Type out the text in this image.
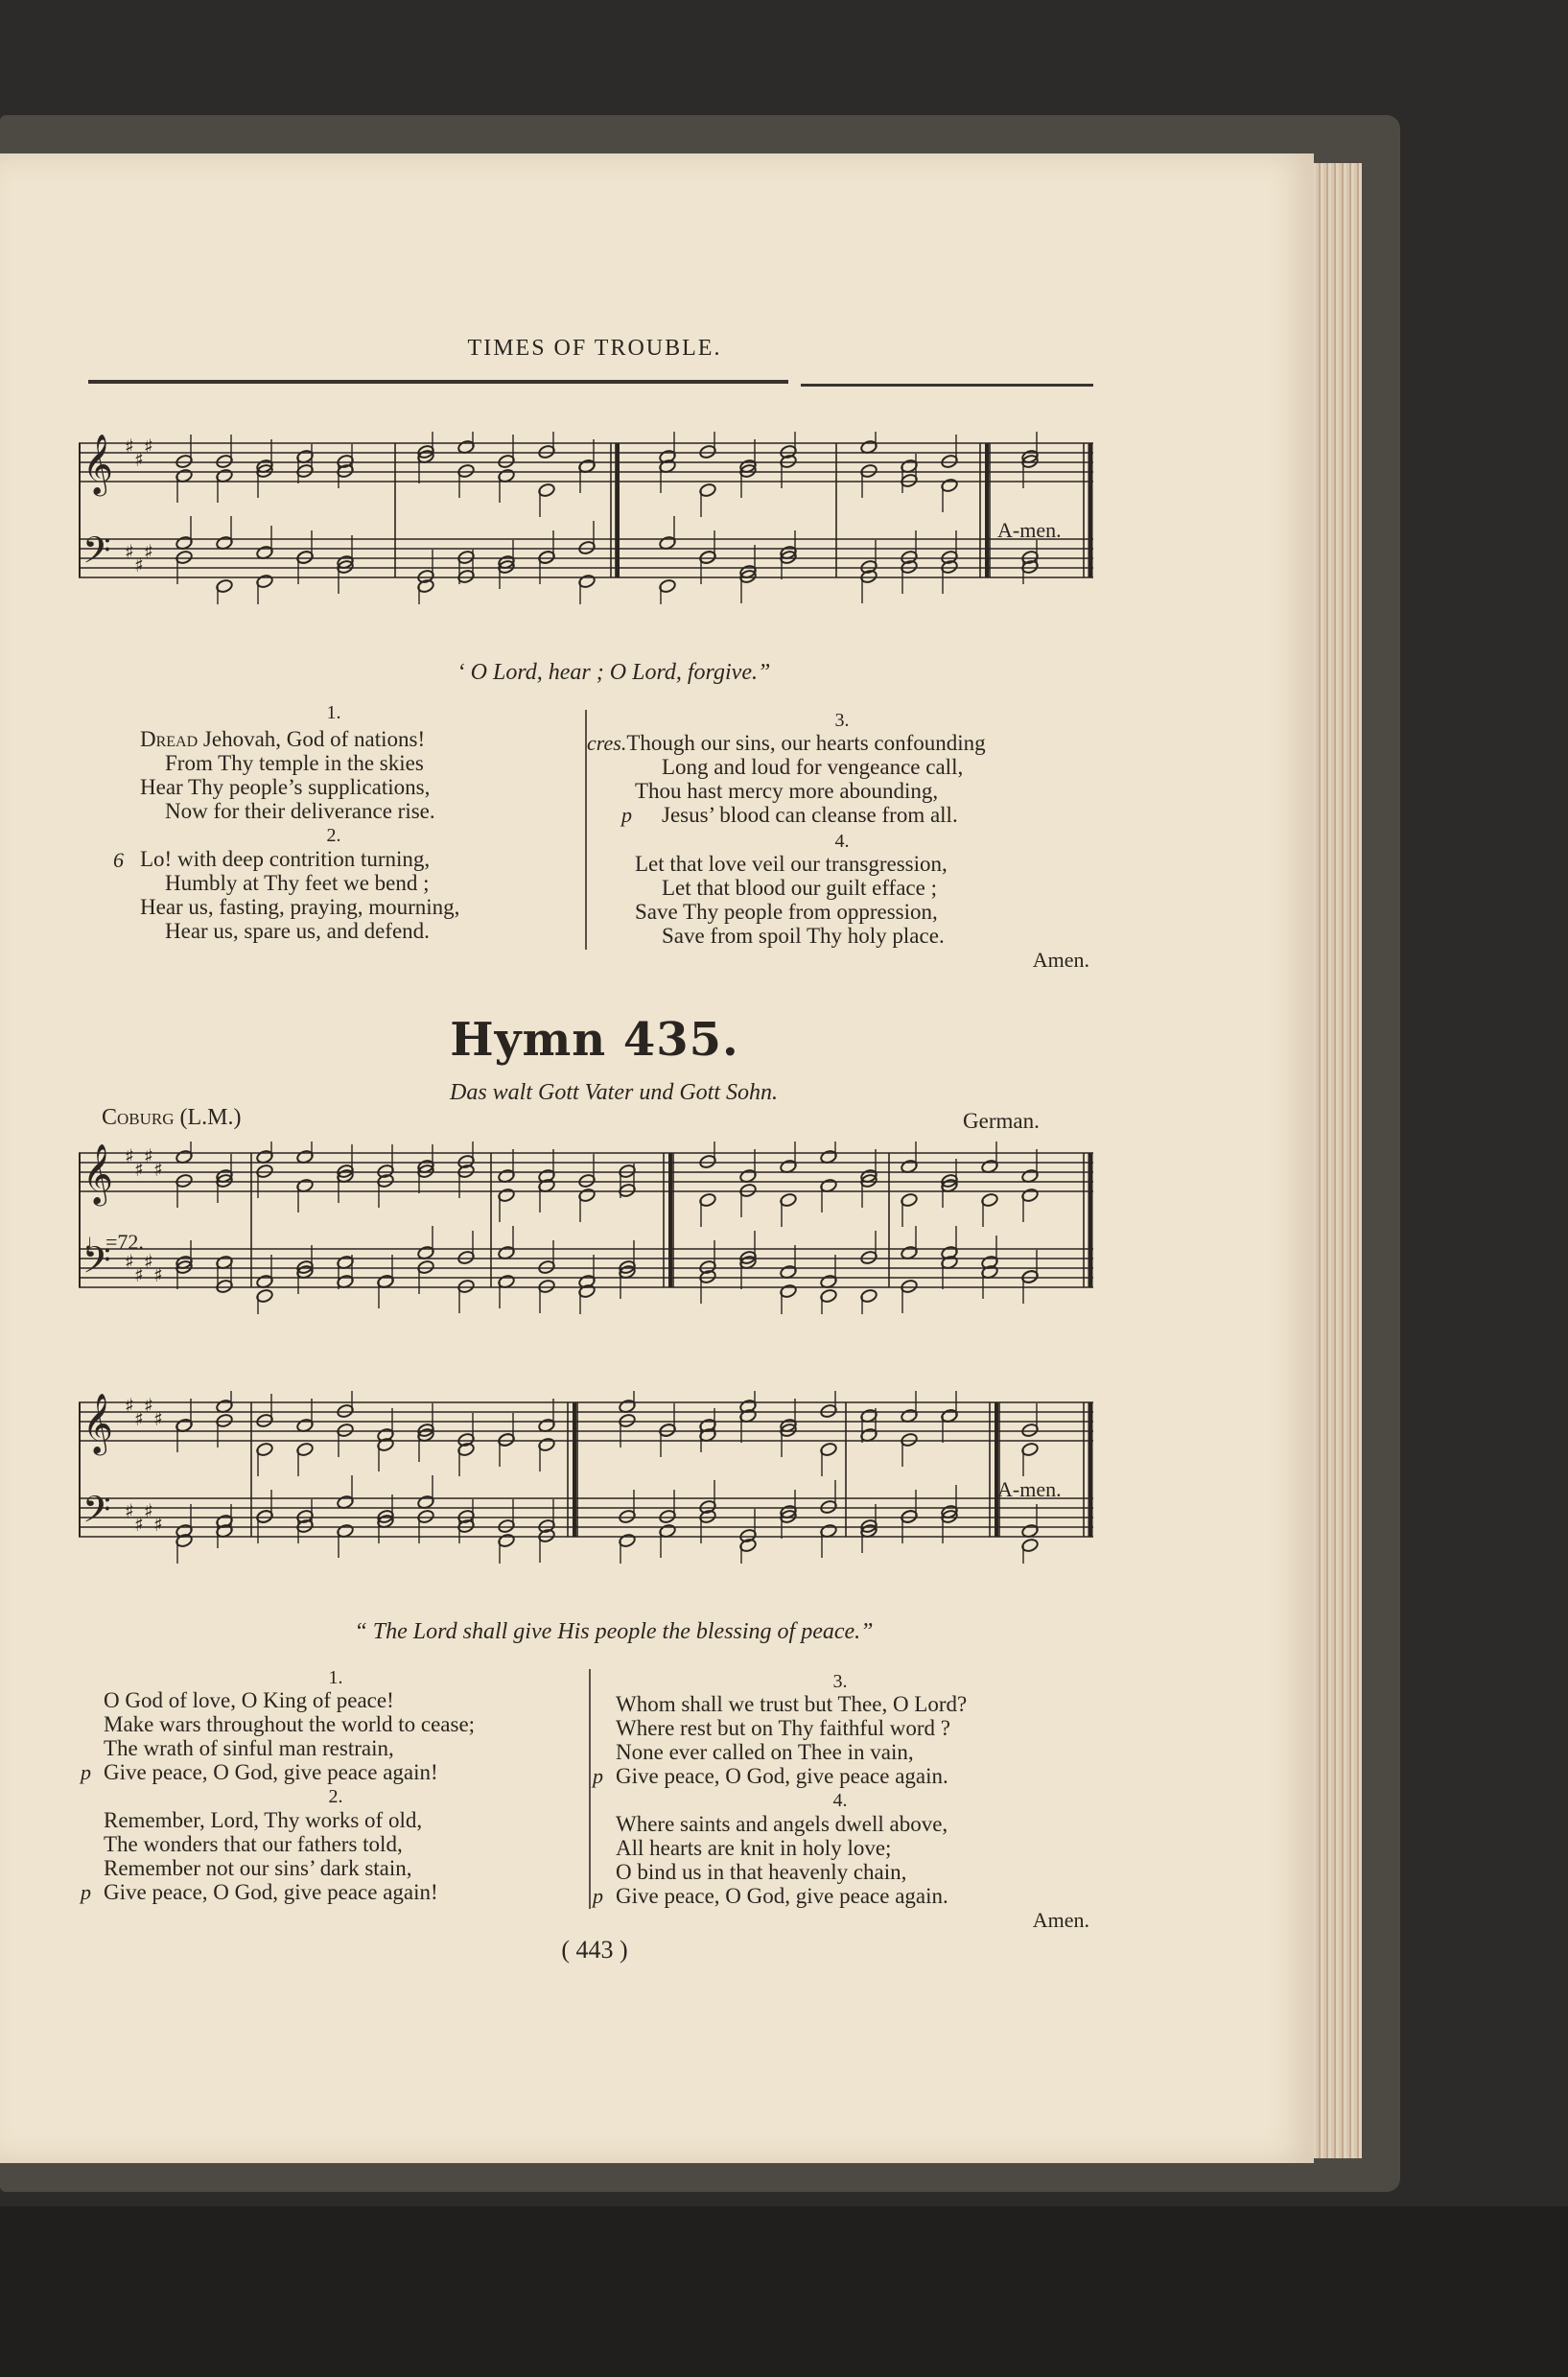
TIMES OF TROUBLE.
𝄞
𝄢
♯
♯
♯
♯
♯
♯
A-men.
‘ O Lord, hear ; O Lord, forgive.”
1.
Dread Jehovah, God of nations!
From Thy temple in the skies
Hear Thy people’s supplications,
Now for their deliverance rise.
2.
6 Lo! with deep contrition turning,
Humbly at Thy feet we bend ;
Hear us, fasting, praying, mourning,
Hear us, spare us, and defend.
3.
cres.Though our sins, our hearts confounding
Long and loud for vengeance call,
Thou hast mercy more abounding,
p Jesus’ blood can cleanse from all.
4.
Let that love veil our transgression,
Let that blood our guilt efface ;
Save Thy people from oppression,
Save from spoil Thy holy place.
Amen.
Hymn 435.
Das walt Gott Vater und Gott Sohn.
Coburg (L.M.)	German.
𝄞
𝄢
♯
♯
♯
♯
♯
♯
♯
♯
♩=72.
𝄞
𝄢
♯
♯
♯
♯
♯
♯
♯
♯
A-men.
“ The Lord shall give His people the blessing of peace.”
1.
O God of love, O King of peace!
Make wars throughout the world to cease;
The wrath of sinful man restrain,
p Give peace, O God, give peace again!
2.
Remember, Lord, Thy works of old,
The wonders that our fathers told,
Remember not our sins’ dark stain,
p Give peace, O God, give peace again!
3.
Whom shall we trust but Thee, O Lord?
Where rest but on Thy faithful word ?
None ever called on Thee in vain,
p Give peace, O God, give peace again.
4.
Where saints and angels dwell above,
All hearts are knit in holy love;
O bind us in that heavenly chain,
p Give peace, O God, give peace again.
Amen.
( 443 )
